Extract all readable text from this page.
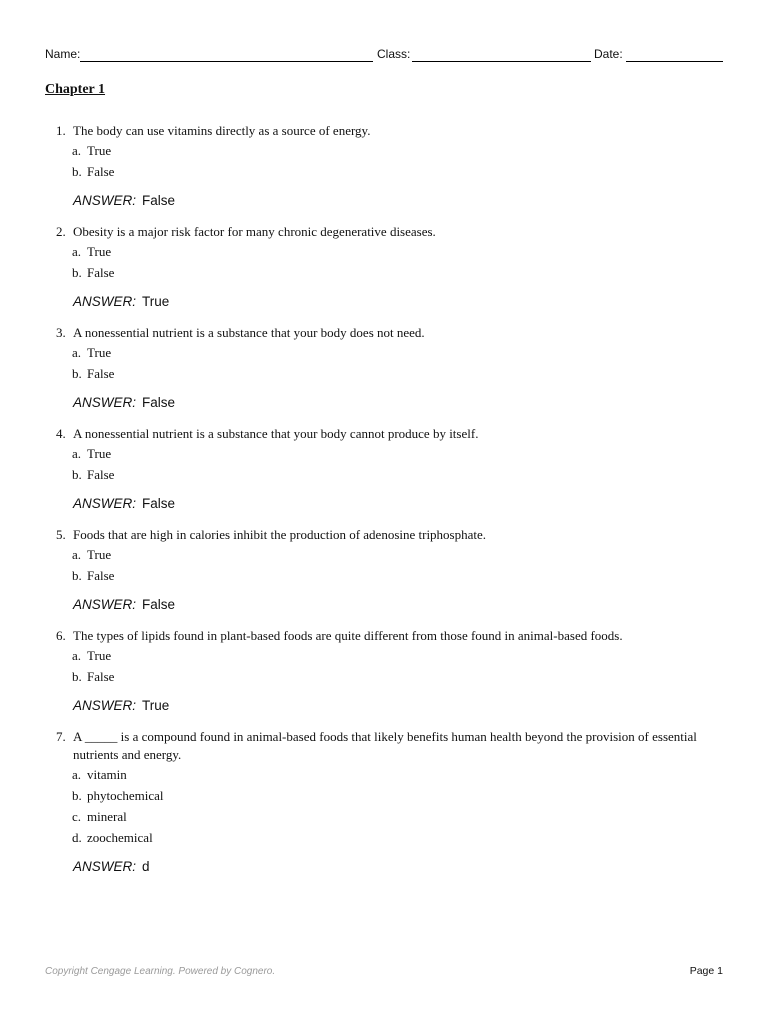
Name:	Class:	Date:
Chapter 1
1. The body can use vitamins directly as a source of energy.
a. True
b. False
ANSWER: False
2. Obesity is a major risk factor for many chronic degenerative diseases.
a. True
b. False
ANSWER: True
3. A nonessential nutrient is a substance that your body does not need.
a. True
b. False
ANSWER: False
4. A nonessential nutrient is a substance that your body cannot produce by itself.
a. True
b. False
ANSWER: False
5. Foods that are high in calories inhibit the production of adenosine triphosphate.
a. True
b. False
ANSWER: False
6. The types of lipids found in plant-based foods are quite different from those found in animal-based foods.
a. True
b. False
ANSWER: True
7. A _____ is a compound found in animal-based foods that likely benefits human health beyond the provision of essential nutrients and energy.
a. vitamin
b. phytochemical
c. mineral
d. zoochemical
ANSWER: d
Copyright Cengage Learning. Powered by Cognero.	Page 1
